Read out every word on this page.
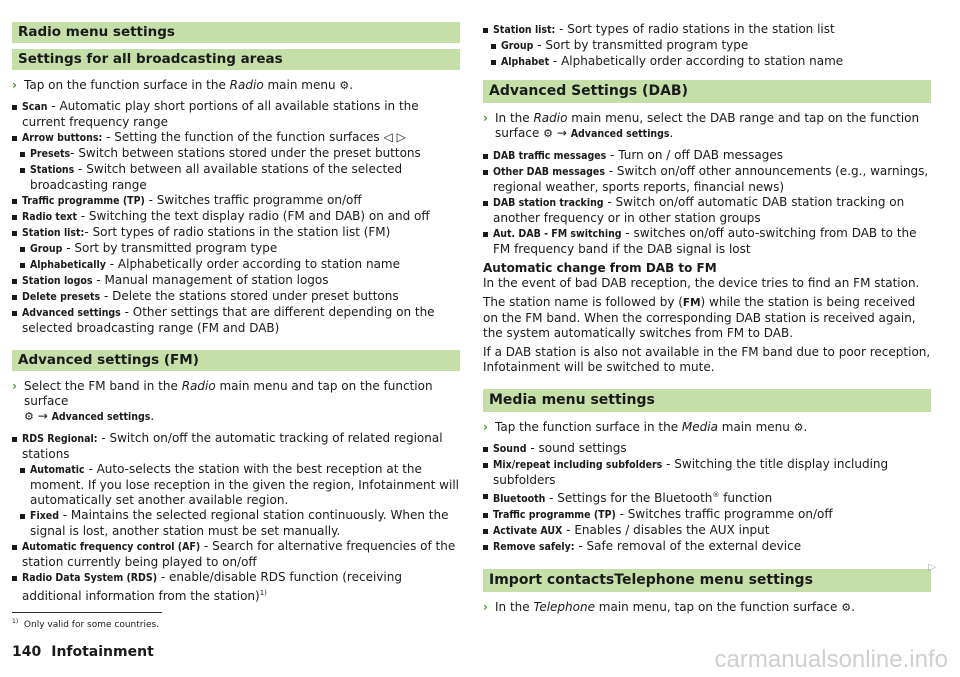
Radio menu settings
Settings for all broadcasting areas
› Tap on the function surface in the Radio main menu ⚙.
Scan - Automatic play short portions of all available stations in the current frequency range
Arrow buttons: - Setting the function of the function surfaces ◁ ▷
Presets- Switch between stations stored under the preset buttons
Stations - Switch between all available stations of the selected broadcasting range
Traffic programme (TP) - Switches traffic programme on/off
Radio text - Switching the text display radio (FM and DAB) on and off
Station list:- Sort types of radio stations in the station list (FM)
Group - Sort by transmitted program type
Alphabetically - Alphabetically order according to station name
Station logos - Manual management of station logos
Delete presets - Delete the stations stored under preset buttons
Advanced settings - Other settings that are different depending on the selected broadcasting range (FM and DAB)
Advanced settings (FM)
› Select the FM band in the Radio main menu and tap on the function surface
⚙ → Advanced settings.
RDS Regional: - Switch on/off the automatic tracking of related regional stations
Automatic - Auto-selects the station with the best reception at the moment. If you lose reception in the given the region, Infotainment will automatically set another available region.
Fixed - Maintains the selected regional station continuously. When the signal is lost, another station must be set manually.
Automatic frequency control (AF) - Search for alternative frequencies of the station currently being played to on/off
Radio Data System (RDS) - enable/disable RDS function (receiving additional information from the station)$^{1)}$
Station list: - Sort types of radio stations in the station list
Group - Sort by transmitted program type
Alphabet - Alphabetically order according to station name
Advanced Settings (DAB)
› In the Radio main menu, select the DAB range and tap on the function surface ⚙ → Advanced settings.
DAB traffic messages - Turn on / off DAB messages
Other DAB messages - Switch on/off other announcements (e.g., warnings, regional weather, sports reports, financial news)
DAB station tracking - Switch on/off automatic DAB station tracking on another frequency or in other station groups
Aut. DAB - FM switching - switches on/off auto-switching from DAB to the FM frequency band if the DAB signal is lost

Automatic change from DAB to FM

In the event of bad DAB reception, the device tries to find an FM station.

The station name is followed by (FM) while the station is being received on the FM band. When the corresponding DAB station is received again, the system automatically switches from FM to DAB.

If a DAB station is also not available in the FM band due to poor reception, Infotainment will be switched to mute.

Media menu settings
› Tap the function surface in the Media main menu ⚙.
Sound - sound settings
Mix/repeat including subfolders - Switching the title display including subfolders
Bluetooth - Settings for the Bluetooth® function
Traffic programme (TP) - Switches traffic programme on/off
Activate AUX - Enables / disables the AUX input
Remove safely: - Safe removal of the external device
Import contactsTelephone menu settings
› In the Telephone main menu, tap on the function surface ⚙.
▷
$^{1)}$ Only valid for some countries.
140 Infotainment	carmanualsonline.info
